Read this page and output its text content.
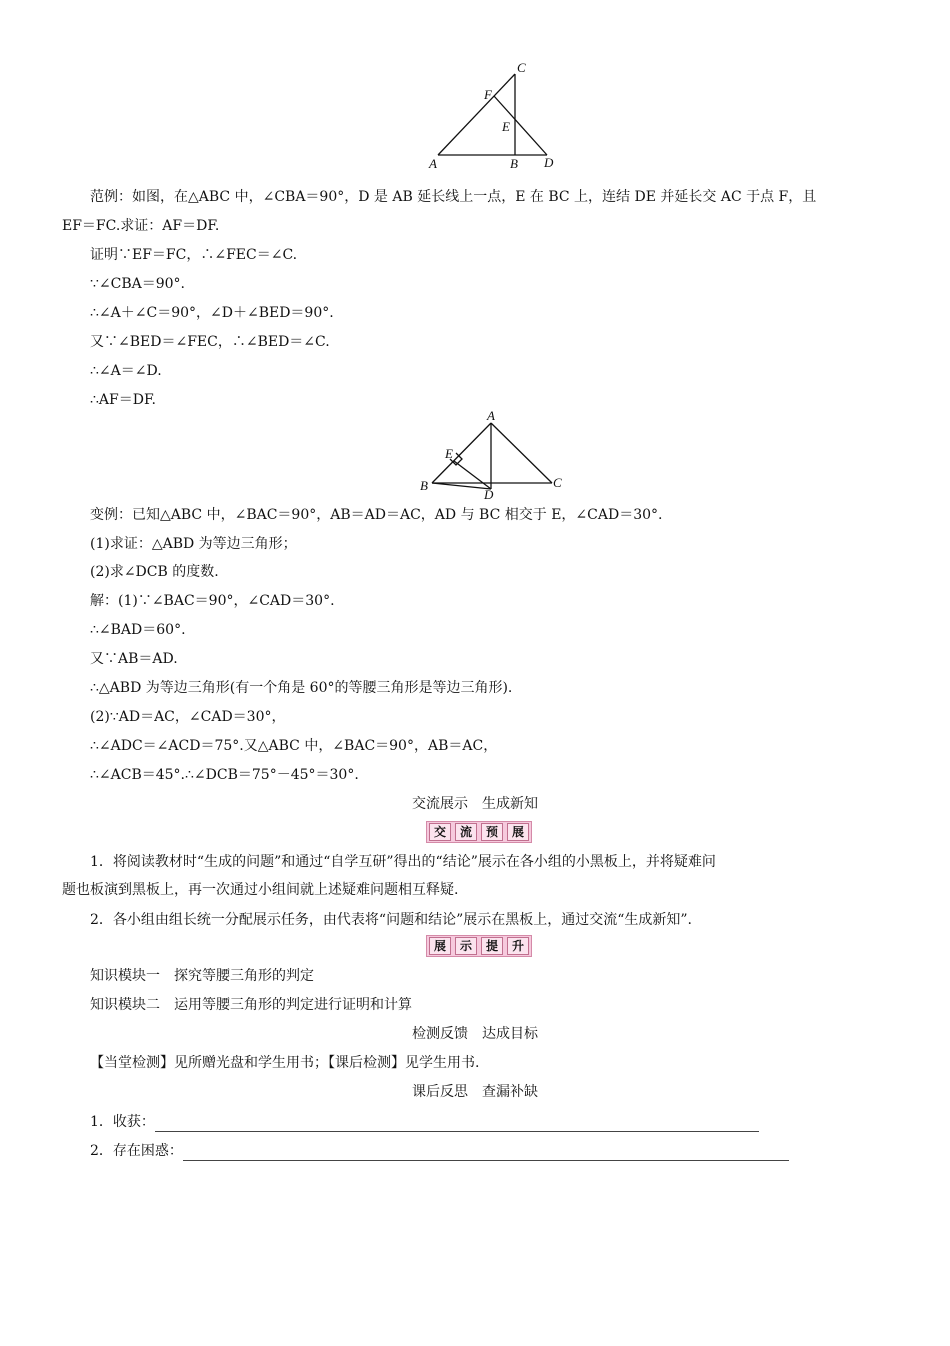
C
F
E
A	B D
范例：如图，在△ABC 中，∠CBA＝90°，D 是 AB 延长线上一点，E 在 BC 上，连结 DE 并延长交 AC 于点 F，且
EF＝FC.求证：AF＝DF.
证明∵EF＝FC，∴∠FEC＝∠C.
∵∠CBA＝90°.
∴∠A＋∠C＝90°，∠D＋∠BED＝90°.
又∵∠BED＝∠FEC，∴∠BED＝∠C.
∴∠A＝∠D.
∴AF＝DF.
A
E
B	C
D
变例：已知△ABC 中，∠BAC＝90°，AB＝AD＝AC，AD 与 BC 相交于 E，∠CAD＝30°.
(1)求证：△ABD 为等边三角形；
(2)求∠DCB 的度数.
解：(1)∵∠BAC＝90°，∠CAD＝30°.
∴∠BAD＝60°.
又∵AB＝AD.
∴△ABD 为等边三角形(有一个角是 60°的等腰三角形是等边三角形).
(2)∵AD＝AC，∠CAD＝30°，
∴∠ADC＝∠ACD＝75°.又△ABC 中，∠BAC＝90°，AB＝AC，
∴∠ACB＝45°.∴∠DCB＝75°－45°＝30°.
交流展示　生成新知
交	流	预	展
1．将阅读教材时“生成的问题”和通过“自学互研”得出的“结论”展示在各小组的小黑板上，并将疑难问
题也板演到黑板上，再一次通过小组间就上述疑难问题相互释疑.
2．各小组由组长统一分配展示任务，由代表将“问题和结论”展示在黑板上，通过交流“生成新知”.
展	示	提	升
知识模块一　探究等腰三角形的判定
知识模块二　运用等腰三角形的判定进行证明和计算
检测反馈　达成目标
【当堂检测】见所赠光盘和学生用书；【课后检测】见学生用书.
课后反思　查漏补缺
1．收获：
2．存在困惑：
